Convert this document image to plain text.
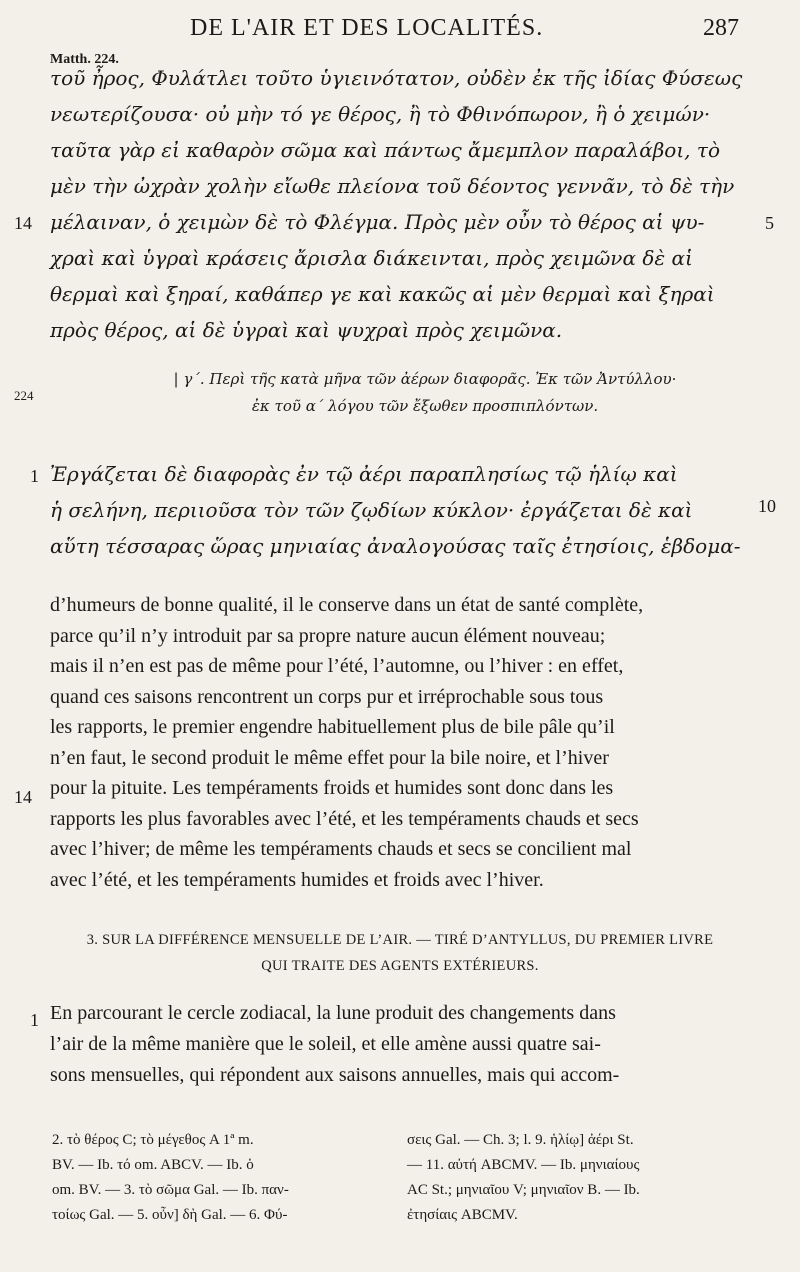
DE L'AIR ET DES LOCALITÉS.	287
Matth. 224.
τοῦ ἦρος, Φυλάτλει τοῦτο ὑγιεινότατον, οὐδὲν ἐκ τῆς ἰδίας Φύσεως
νεωτερίζουσα· οὐ μὴν τό γε θέρος, ἢ τὸ Φθινόπωρον, ἢ ὁ χειμών·
ταῦτα γὰρ εἰ καθαρὸν σῶμα καὶ πάντως ἄμεμπλον παραλάβοι, τὸ
μὲν τὴν ὠχρὰν χολὴν εἴωθε πλείονα τοῦ δέοντος γεννᾶν, τὸ δὲ τὴν
μέλαιναν, ὁ χειμὼν δὲ τὸ Φλέγμα. Πρὸς μὲν οὖν τὸ θέρος αἱ ψυ-
χραὶ καὶ ὑγραὶ κράσεις ἄρισλα διάκεινται, πρὸς χειμῶνα δὲ αἱ
θερμαὶ καὶ ξηραί, καθάπερ γε καὶ κακῶς αἱ μὲν θερμαὶ καὶ ξηραὶ
πρὸς θέρος, αἱ δὲ ὑγραὶ καὶ ψυχραὶ πρὸς χειμῶνα.
14	5
224
| γ΄. Περὶ τῆς κατὰ μῆνα τῶν ἀέρων διαφορᾶς. Ἐκ τῶν Ἀντύλλου·
ἐκ τοῦ α΄ λόγου τῶν ἔξωθεν προσπιπλόντων.
Ἐργάζεται δὲ διαφορὰς ἐν τῷ ἀέρι παραπλησίως τῷ ἡλίῳ καὶ
ἡ σελήνη, περιιοῦσα τὸν τῶν ζῳδίων κύκλον· ἐργάζεται δὲ καὶ
αὕτη τέσσαρας ὥρας μηνιαίας ἀναλογούσας ταῖς ἐτησίοις, ἑβδομα-
1
10
d’humeurs de bonne qualité, il le conserve dans un état de santé complète,
parce qu’il n’y introduit par sa propre nature aucun élément nouveau;
mais il n’en est pas de même pour l’été, l’automne, ou l’hiver : en effet,
quand ces saisons rencontrent un corps pur et irréprochable sous tous
les rapports, le premier engendre habituellement plus de bile pâle qu’il
n’en faut, le second produit le même effet pour la bile noire, et l’hiver
pour la pituite. Les tempéraments froids et humides sont donc dans les
rapports les plus favorables avec l’été, et les tempéraments chauds et secs
avec l’hiver; de même les tempéraments chauds et secs se concilient mal
avec l’été, et les tempéraments humides et froids avec l’hiver.
14
3. SUR LA DIFFÉRENCE MENSUELLE DE L’AIR. — TIRÉ D’ANTYLLUS, DU PREMIER LIVRE
QUI TRAITE DES AGENTS EXTÉRIEURS.
En parcourant le cercle zodiacal, la lune produit des changements dans
l’air de la même manière que le soleil, et elle amène aussi quatre sai-
sons mensuelles, qui répondent aux saisons annuelles, mais qui accom-
1
2. τὸ θέρος C; τὸ μέγεθος A 1ª m.
BV. — Ib. τό om. ABCV. — Ib. ὁ
om. BV. — 3. τὸ σῶμα Gal. — Ib. παν-
τοίως Gal. — 5. οὖν] δὴ Gal. — 6. Φύ-
σεις Gal. — Ch. 3; l. 9. ἡλίῳ] ἀέρι St.
— 11. αὐτή ABCMV. — Ib. μηνιαίους
AC St.; μηνιαῖου V; μηνιαῖον B. — Ib.
ἐτησίαις ABCMV.
